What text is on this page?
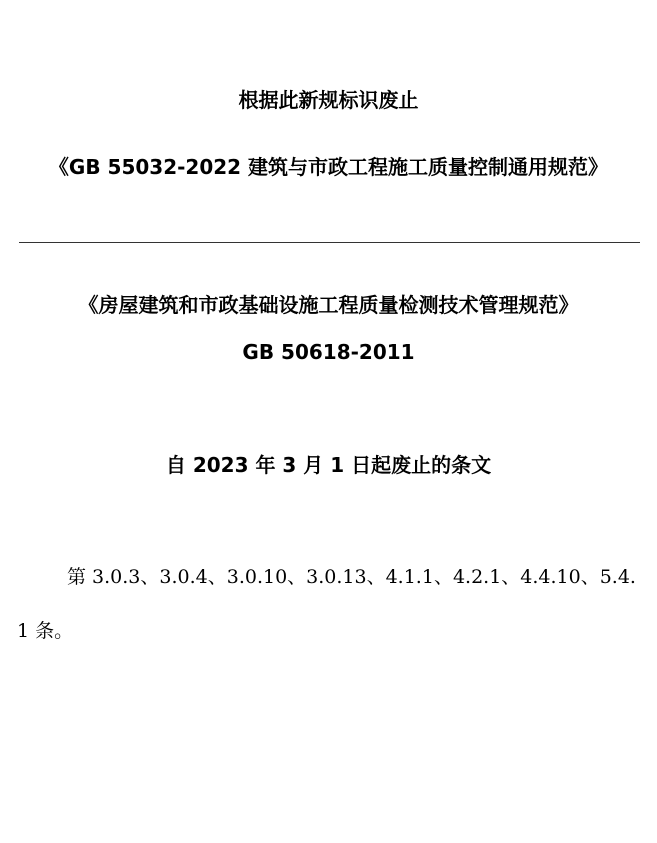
根据此新规标识废止
《GB 55032-2022 建筑与市政工程施工质量控制通用规范》
《房屋建筑和市政基础设施工程质量检测技术管理规范》
GB 50618-2011
自 2023 年 3 月 1 日起废止的条文
第 3.0.3、3.0.4、3.0.10、3.0.13、4.1.1、4.2.1、4.4.10、5.4.1 条。
